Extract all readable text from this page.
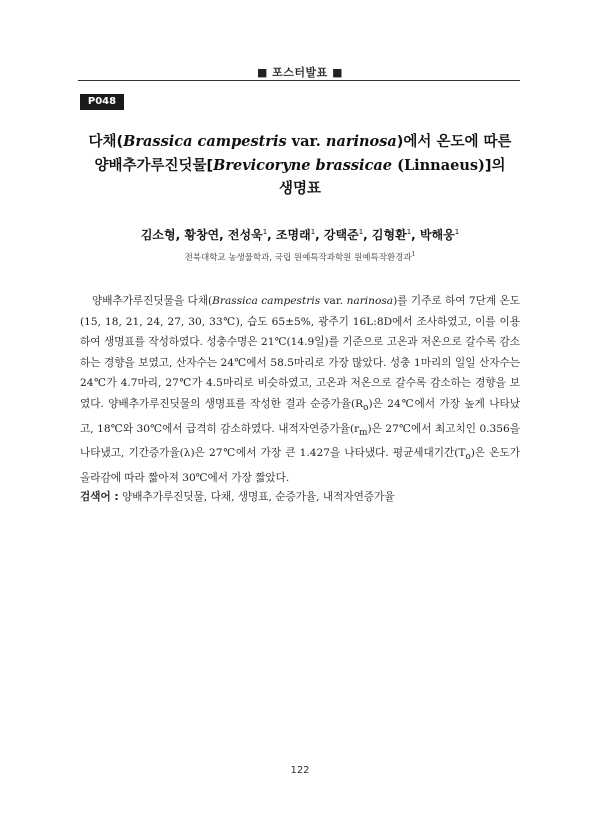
■ 포스터발표 ■
P048
다채(Brassica campestris var. narinosa)에서 온도에 따른
양배추가루진딧물[Brevicoryne brassicae (Linnaeus)]의
생명표
김소형, 황창연, 전성욱$^1$, 조명래$^1$, 강택준$^1$, 김형환$^1$, 박해웅$^1$
전북대학교 농생물학과, 국립 원예특작과학원 원예특작환경과$^1$

양배추가루진딧물을 다채(Brassica campestris var. narinosa)를 기주로 하여 7단계 온도(15, 18, 21, 24, 27, 30, 33℃), 습도 65±5%, 광주기 16L:8D에서 조사하였고, 이를 이용하여 생명표를 작성하였다. 성충수명은 21℃(14.9일)를 기준으로 고온과 저온으로 갈수록 감소하는 경향을 보였고, 산자수는 24℃에서 58.5마리로 가장 많았다. 성충 1마리의 일일 산자수는 24℃가 4.7마리, 27℃가 4.5마리로 비슷하였고, 고온과 저온으로 갈수록 감소하는 경향을 보였다. 양배추가루진딧물의 생명표를 작성한 결과 순증가율$(R_o)$은 24℃에서 가장 높게 나타났고, 18℃와 30℃에서 급격히 감소하였다. 내적자연증가율$(r_m)$은 27℃에서 최고치인 0.356을 나타냈고, 기간증가율(λ)은 27℃에서 가장 큰 1.427을 나타냈다. 평균세대기간$(T_o)$은 온도가 올라감에 따라 짧아져 30℃에서 가장 짧았다.

검색어 : 양배추가루진딧물, 다채, 생명표, 순증가율, 내적자연증가율
122
